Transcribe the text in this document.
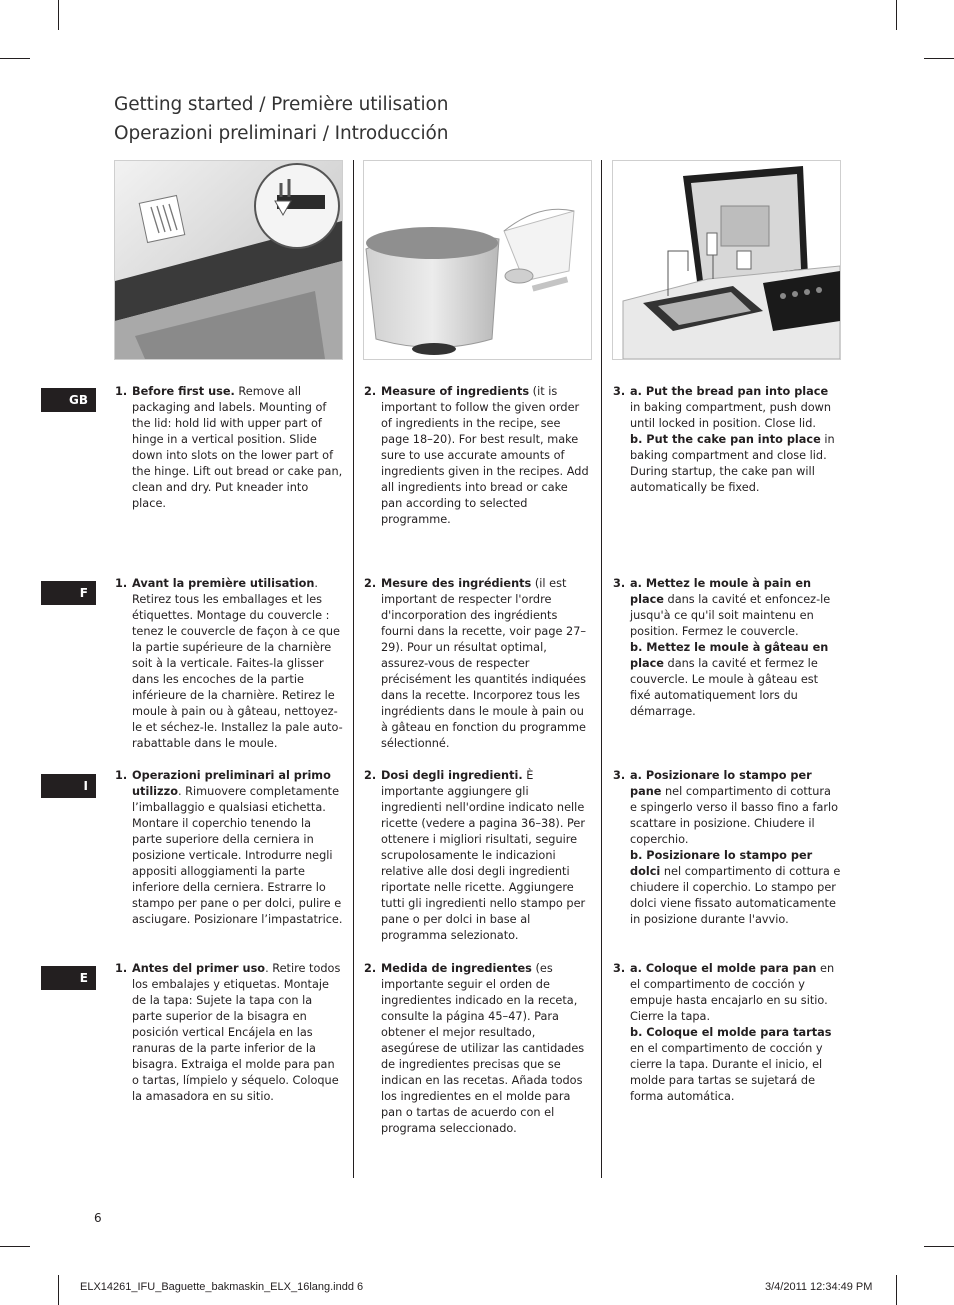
Getting started / Première utilisation
Operazioni preliminari / Introducción
GB
1. Before first use. Remove all packaging and labels. Mounting of the lid: hold lid with upper part of hinge in a vertical position. Slide down into slots on the lower part of the hinge. Lift out bread or cake pan, clean and dry. Put kneader into place.
2. Measure of ingredients (it is important to follow the given order of ingredients in the recipe, see page 18–20). For best result, make sure to use accurate amounts of ingredients given in the recipes. Add all ingredients into bread or cake pan according to selected programme.
3. a. Put the bread pan into place in baking compartment, push down until locked in position. Close lid.
b. Put the cake pan into place in baking compartment and close lid. During startup, the cake pan will automatically be fixed.
F
1. Avant la première utilisation. Retirez tous les emballages et les étiquettes. Montage du couvercle : tenez le couvercle de façon à ce que la partie supérieure de la charnière soit à la verticale. Faites-la glisser dans les encoches de la partie inférieure de la charnière. Retirez le moule à pain ou à gâteau, nettoyez-le et séchez-le. Installez la pale auto-rabattable dans le moule.
2. Mesure des ingrédients (il est important de respecter l'ordre d'incorporation des ingrédients fourni dans la recette, voir page 27–29). Pour un résultat optimal, assurez-vous de respecter précisément les quantités indiquées dans la recette. Incorporez tous les ingrédients dans le moule à pain ou à gâteau en fonction du programme sélectionné.
3. a. Mettez le moule à pain en place dans la cavité et enfoncez-le jusqu'à ce qu'il soit maintenu en position. Fermez le couvercle.
b. Mettez le moule à gâteau en place dans la cavité et fermez le couvercle. Le moule à gâteau est fixé automatiquement lors du démarrage.
I
1. Operazioni preliminari al primo utilizzo. Rimuovere completamente l’imballaggio e qualsiasi etichetta. Montare il coperchio tenendo la parte superiore della cerniera in posizione verticale. Introdurre negli appositi alloggiamenti la parte inferiore della cerniera. Estrarre lo stampo per pane o per dolci, pulire e asciugare. Posizionare l’impastatrice.
2. Dosi degli ingredienti. È importante aggiungere gli ingredienti nell'ordine indicato nelle ricette (vedere a pagina 36–38). Per ottenere i migliori risultati, seguire scrupolosamente le indicazioni relative alle dosi degli ingredienti riportate nelle ricette. Aggiungere tutti gli ingredienti nello stampo per pane o per dolci in base al programma selezionato.
3. a. Posizionare lo stampo per pane nel compartimento di cottura e spingerlo verso il basso fino a farlo scattare in posizione. Chiudere il coperchio.
b. Posizionare lo stampo per dolci nel compartimento di cottura e chiudere il coperchio. Lo stampo per dolci viene fissato automaticamente in posizione durante l'avvio.
E
1. Antes del primer uso. Retire todos los embalajes y etiquetas. Montaje de la tapa: Sujete la tapa con la parte superior de la bisagra en posición vertical Encájela en las ranuras de la parte inferior de la bisagra. Extraiga el molde para pan o tartas, límpielo y séquelo. Coloque la amasadora en su sitio.
2. Medida de ingredientes (es importante seguir el orden de ingredientes indicado en la receta, consulte la página 45–47). Para obtener el mejor resultado, asegúrese de utilizar las cantidades de ingredientes precisas que se indican en las recetas. Añada todos los ingredientes en el molde para pan o tartas de acuerdo con el programa seleccionado.
3. a. Coloque el molde para pan en el compartimento de cocción y empuje hasta encajarlo en su sitio. Cierre la tapa.
b. Coloque el molde para tartas en el compartimento de cocción y cierre la tapa. Durante el inicio, el molde para tartas se sujetará de forma automática.
6
ELX14261_IFU_Baguette_bakmaskin_ELX_16lang.indd 6	3/4/2011 12:34:49 PM
